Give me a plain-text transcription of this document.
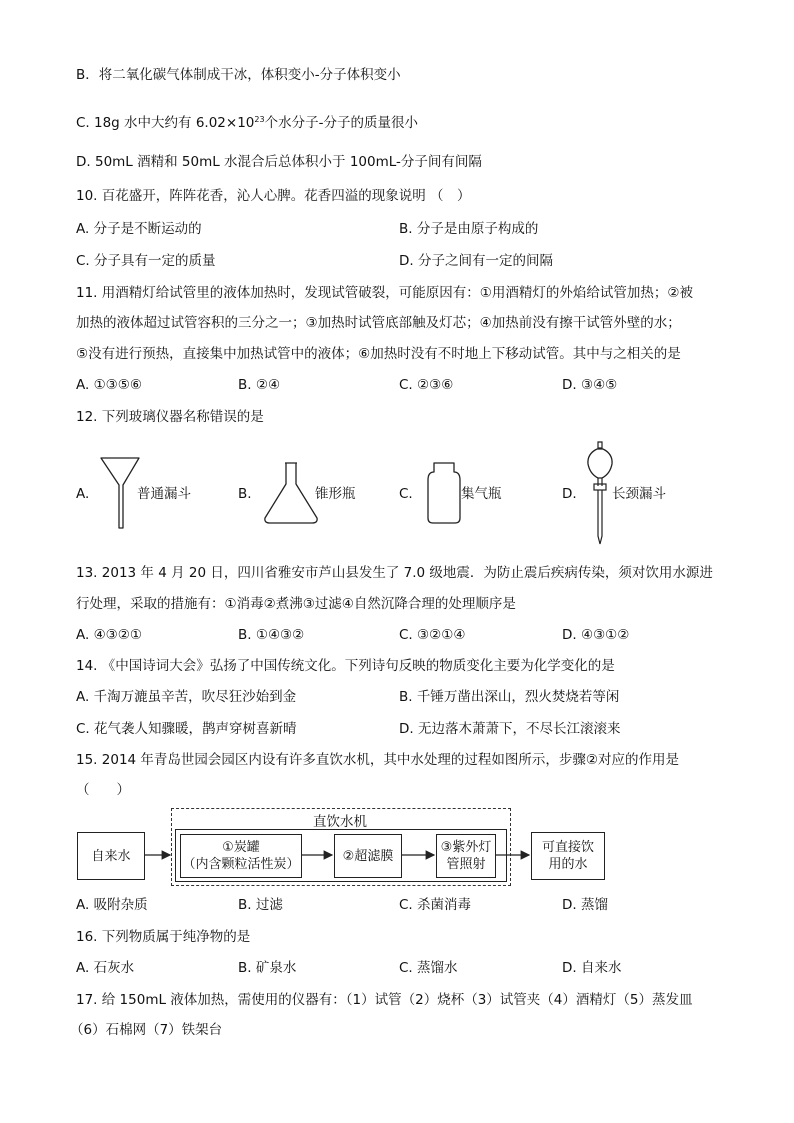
B．将二氧化碳气体制成干冰，体积变小-分子体积变小
C. 18g 水中大约有 $6.02\times 10^{23}$个水分子-分子的质量很小
D. 50mL 酒精和 50mL 水混合后总体积小于 100mL-分子间有间隔
10. 百花盛开，阵阵花香，沁人心脾。花香四溢的现象说明 （　）
A. 分子是不断运动的	B. 分子是由原子构成的
C. 分子具有一定的质量	D. 分子之间有一定的间隔
11. 用酒精灯给试管里的液体加热时，发现试管破裂，可能原因有：①用酒精灯的外焰给试管加热；②被
加热的液体超过试管容积的三分之一；③加热时试管底部触及灯芯；④加热前没有擦干试管外壁的水；
⑤没有进行预热，直接集中加热试管中的液体；⑥加热时没有不时地上下移动试管。其中与之相关的是
A. ①③⑤⑥	B. ②④	C. ②③⑥	D. ③④⑤
12. 下列玻璃仪器名称错误的是
A.	普通漏斗	B.	锥形瓶	C.	集气瓶	D.	长颈漏斗
13. 2013 年 4 月 20 日，四川省雅安市芦山县发生了 7.0 级地震．为防止震后疾病传染，须对饮用水源进
行处理，采取的措施有：①消毒②煮沸③过滤④自然沉降合理的处理顺序是
A. ④③②①	B. ①④③②	C. ③②①④	D. ④③①②
14. 《中国诗词大会》弘扬了中国传统文化。下列诗句反映的物质变化主要为化学变化的是
A. 千淘万漉虽辛苦，吹尽狂沙始到金	B. 千锤万凿出深山，烈火焚烧若等闲
C. 花气袭人知骤暖，鹊声穿树喜新晴	D. 无边落木萧萧下，不尽长江滚滚来
15. 2014 年青岛世园会园区内设有许多直饮水机，其中水处理的过程如图所示，步骤②对应的作用是
（　　）
直饮水机
自来水
①炭罐
（内含颗粒活性炭）
②超滤膜
③紫外灯
管照射
可直接饮
用的水
A. 吸附杂质	B. 过滤	C. 杀菌消毒	D. 蒸馏
16. 下列物质属于纯净物的是
A. 石灰水	B. 矿泉水	C. 蒸馏水	D. 自来水
17. 给 150mL 液体加热，需使用的仪器有：（1）试管（2）烧杯（3）试管夹（4）酒精灯（5）蒸发皿
（6）石棉网（7）铁架台
